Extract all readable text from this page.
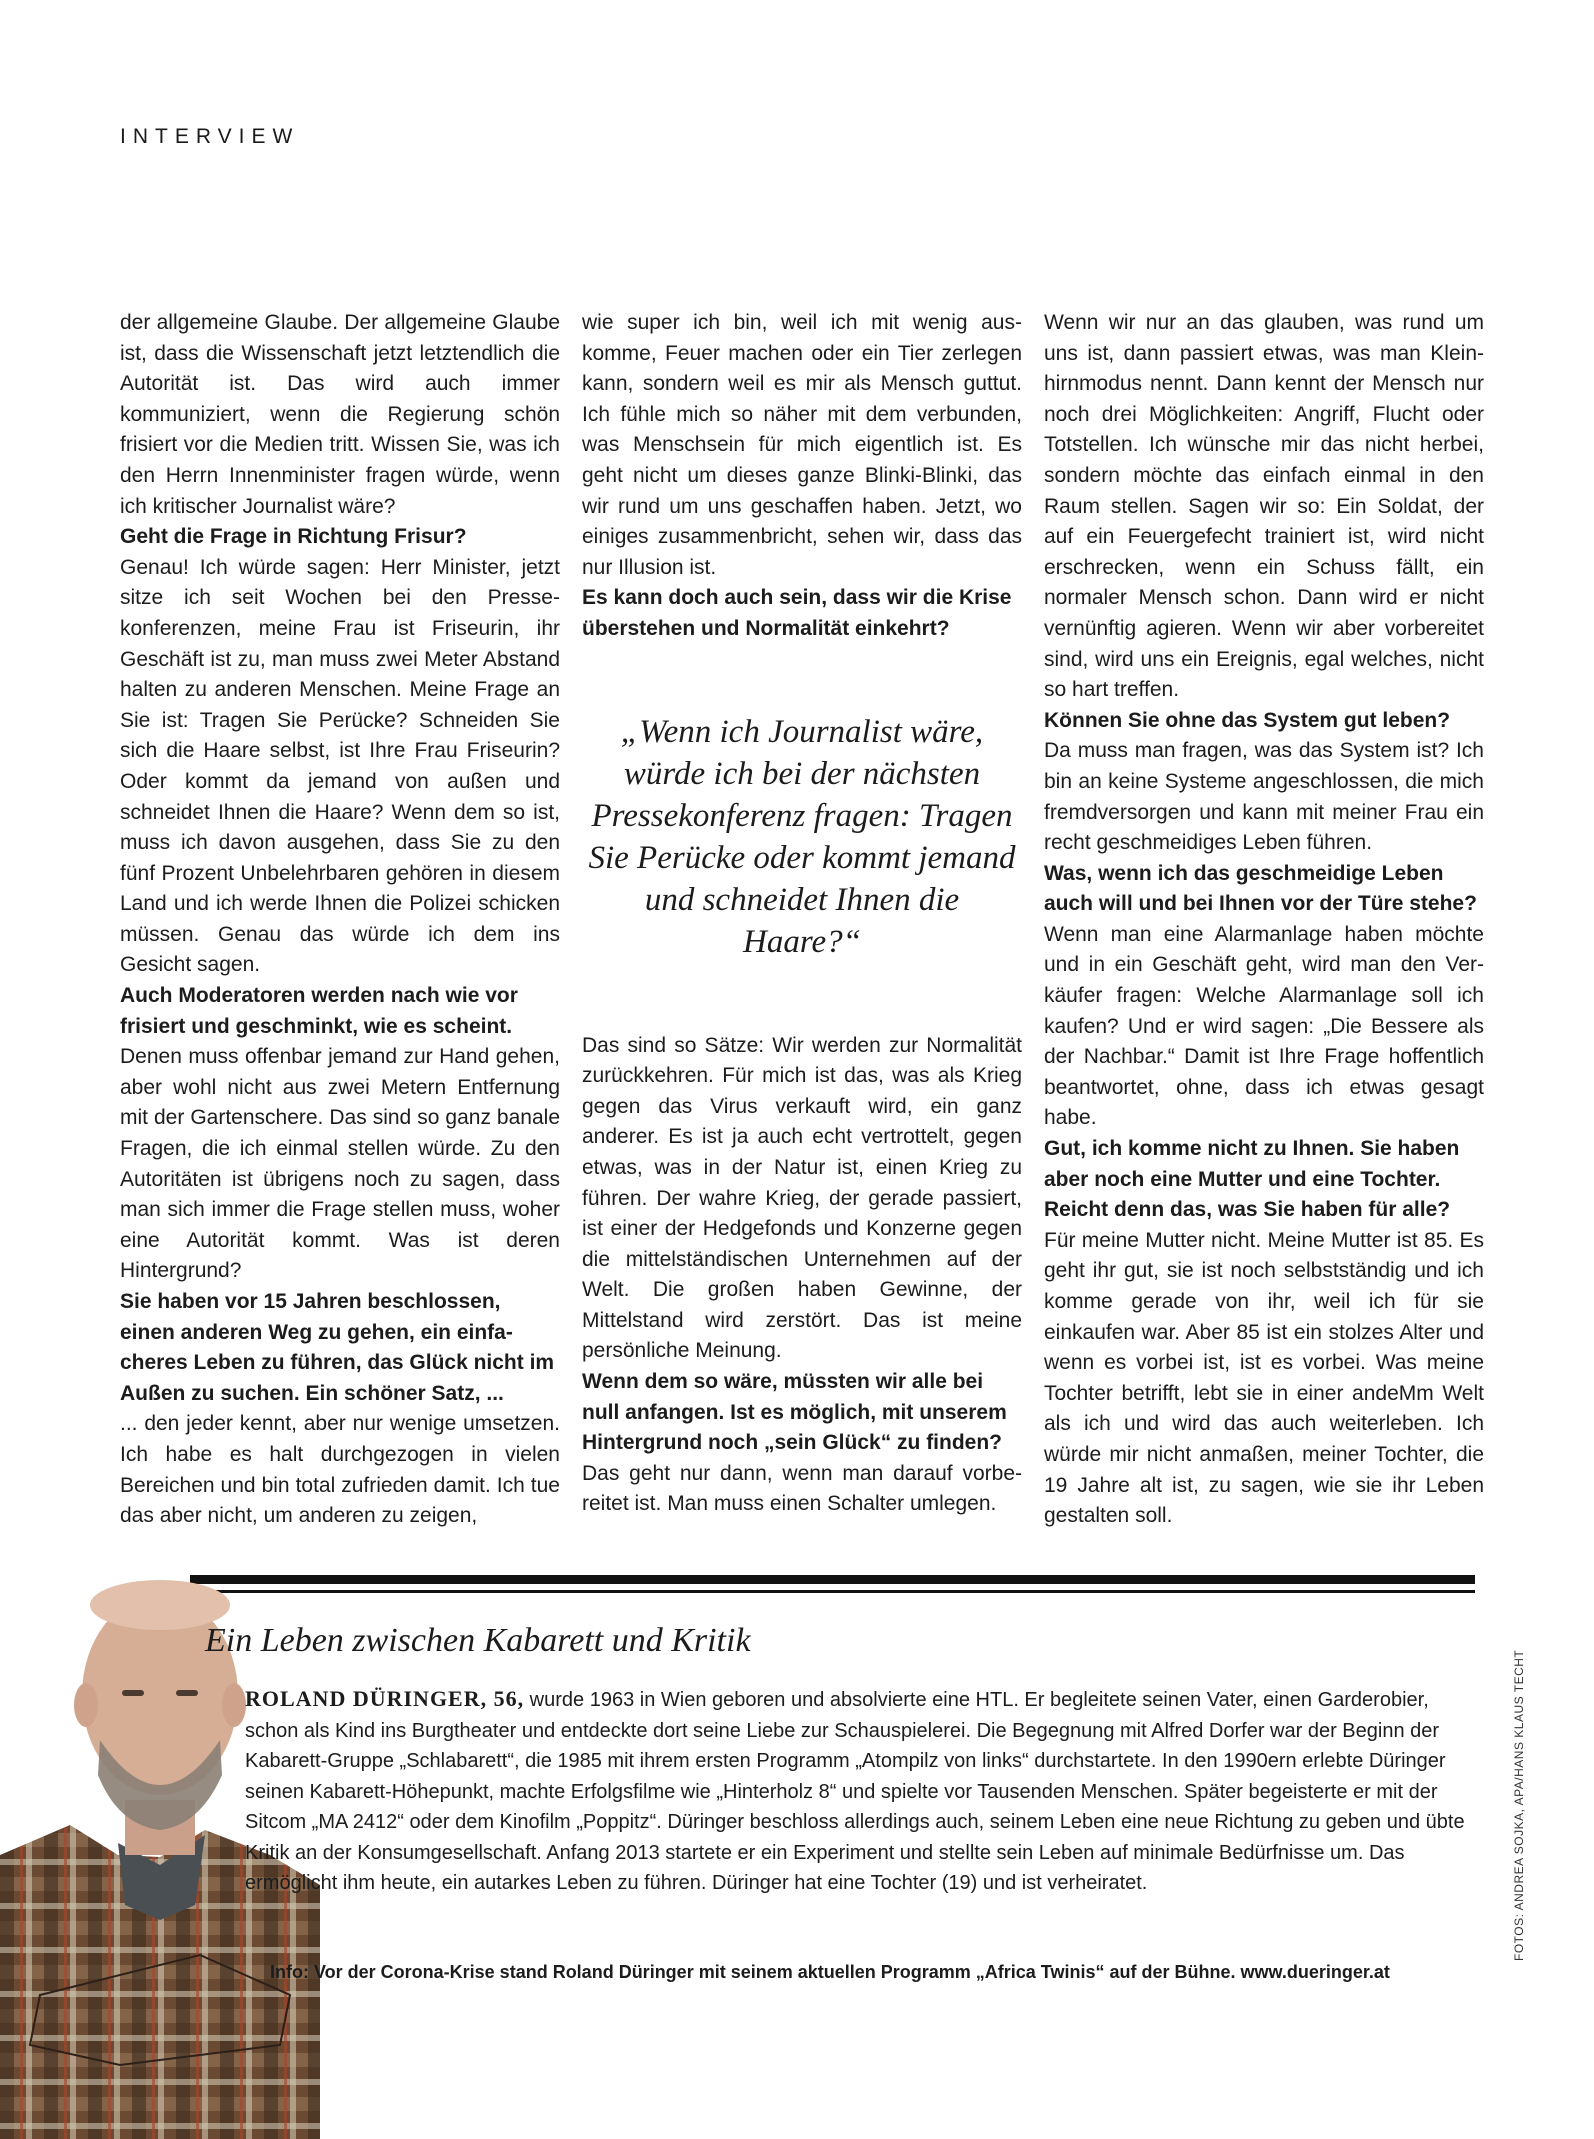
INTERVIEW

der allgemeine Glaube. Der allgemeine Glaube ist, dass die Wissenschaft jetzt letztendlich die Autorität ist. Das wird auch immer kommuniziert, wenn die Regierung schön frisiert vor die Medien tritt. Wissen Sie, was ich den Herrn Innenminister fragen würde, wenn ich kritischer Journalist wäre?

Geht die Frage in Richtung Frisur?

Genau! Ich würde sagen: Herr Minister, jetzt sitze ich seit Wochen bei den Pressekonferenzen, meine Frau ist Friseurin, ihr Geschäft ist zu, man muss zwei Meter Abstand halten zu anderen Menschen. Meine Frage an Sie ist: Tragen Sie Perücke? Schneiden Sie sich die Haare selbst, ist Ihre Frau Friseurin? Oder kommt da jemand von außen und schneidet Ihnen die Haare? Wenn dem so ist, muss ich davon ausgehen, dass Sie zu den fünf Prozent Unbelehrbaren gehören in diesem Land und ich werde Ihnen die Polizei schicken müssen. Genau das würde ich dem ins Gesicht sagen.

Auch Moderatoren werden nach wie vor frisiert und geschminkt, wie es scheint.

Denen muss offenbar jemand zur Hand gehen, aber wohl nicht aus zwei Metern Entfernung mit der Gartenschere. Das sind so ganz banale Fragen, die ich einmal stellen würde. Zu den Autoritäten ist übrigens noch zu sagen, dass man sich immer die Frage stellen muss, woher eine Autorität kommt. Was ist deren Hintergrund?

Sie haben vor 15 Jahren beschlossen, einen anderen Weg zu gehen, ein einfacheres Leben zu führen, das Glück nicht im Außen zu suchen. Ein schöner Satz, ...

... den jeder kennt, aber nur wenige umsetzen. Ich habe es halt durchgezogen in vielen Bereichen und bin total zufrieden damit. Ich tue das aber nicht, um anderen zu zeigen,

wie super ich bin, weil ich mit wenig auskomme, Feuer machen oder ein Tier zerlegen kann, sondern weil es mir als Mensch guttut. Ich fühle mich so näher mit dem verbunden, was Menschsein für mich eigentlich ist. Es geht nicht um dieses ganze Blinki-Blinki, das wir rund um uns geschaffen haben. Jetzt, wo einiges zusammenbricht, sehen wir, dass das nur Illusion ist.

Es kann doch auch sein, dass wir die Krise überstehen und Normalität einkehrt?

„Wenn ich Journalist wäre, würde ich bei der nächsten Pressekonferenz fragen: Tragen Sie Perücke oder kommt jemand und schneidet Ihnen die Haare?“

Das sind so Sätze: Wir werden zur Normalität zurückkehren. Für mich ist das, was als Krieg gegen das Virus verkauft wird, ein ganz anderer. Es ist ja auch echt vertrottelt, gegen etwas, was in der Natur ist, einen Krieg zu führen. Der wahre Krieg, der gerade passiert, ist einer der Hedgefonds und Konzerne gegen die mittelständischen Unternehmen auf der Welt. Die großen haben Gewinne, der Mittelstand wird zerstört. Das ist meine persönliche Meinung.

Wenn dem so wäre, müssten wir alle bei null anfangen. Ist es möglich, mit unserem Hintergrund noch „sein Glück“ zu finden?

Das geht nur dann, wenn man darauf vorbereitet ist. Man muss einen Schalter umlegen.

Wenn wir nur an das glauben, was rund um uns ist, dann passiert etwas, was man Kleinhirnmodus nennt. Dann kennt der Mensch nur noch drei Möglichkeiten: Angriff, Flucht oder Totstellen. Ich wünsche mir das nicht herbei, sondern möchte das einfach einmal in den Raum stellen. Sagen wir so: Ein Soldat, der auf ein Feuergefecht trainiert ist, wird nicht erschrecken, wenn ein Schuss fällt, ein normaler Mensch schon. Dann wird er nicht vernünftig agieren. Wenn wir aber vorbereitet sind, wird uns ein Ereignis, egal welches, nicht so hart treffen.

Können Sie ohne das System gut leben?

Da muss man fragen, was das System ist? Ich bin an keine Systeme angeschlossen, die mich fremdversorgen und kann mit meiner Frau ein recht geschmeidiges Leben führen.

Was, wenn ich das geschmeidige Leben auch will und bei Ihnen vor der Türe stehe?

Wenn man eine Alarmanlage haben möchte und in ein Geschäft geht, wird man den Verkäufer fragen: Welche Alarmanlage soll ich kaufen? Und er wird sagen: „Die Bessere als der Nachbar.“ Damit ist Ihre Frage hoffentlich beantwortet, ohne, dass ich etwas gesagt habe.

Gut, ich komme nicht zu Ihnen. Sie haben aber noch eine Mutter und eine Tochter. Reicht denn das, was Sie haben für alle?

Für meine Mutter nicht. Meine Mutter ist 85. Es geht ihr gut, sie ist noch selbstständig und ich komme gerade von ihr, weil ich für sie einkaufen war. Aber 85 ist ein stolzes Alter und wenn es vorbei ist, ist es vorbei. Was meine Tochter betrifft, lebt sie in einer andeMm Welt als ich und wird das auch weiterleben. Ich würde mir nicht anmaßen, meiner Tochter, die 19 Jahre alt ist, zu sagen, wie sie ihr Leben gestalten soll.

Ein Leben zwischen Kabarett und Kritik
ROLAND DÜRINGER, 56, wurde 1963 in Wien geboren und absolvierte eine HTL. Er begleitete seinen Vater, einen Garderobier, schon als Kind ins Burgtheater und entdeckte dort seine Liebe zur Schauspielerei. Die Begegnung mit Alfred Dorfer war der Beginn der Kabarett-Gruppe „Schlabarett“, die 1985 mit ihrem ersten Programm „Atompilz von links“ durchstartete. In den 1990ern erlebte Düringer seinen Kabarett-Höhepunkt, machte Erfolgsfilme wie „Hinterholz 8“ und spielte vor Tausenden Menschen. Später begeisterte er mit der Sitcom „MA 2412“ oder dem Kinofilm „Poppitz“. Düringer beschloss allerdings auch, seinem Leben eine neue Richtung zu geben und übte Kritik an der Konsumgesellschaft. Anfang 2013 startete er ein Experiment und stellte sein Leben auf minimale Bedürfnisse um. Das ermöglicht ihm heute, ein autarkes Leben zu führen. Düringer hat eine Tochter (19) und ist verheiratet.
Info: Vor der Corona-Krise stand Roland Düringer mit seinem aktuellen Programm „Africa Twinis“ auf der Bühne. www.dueringer.at
FOTOS: ANDREA SOJKA, APA/HANS KLAUS TECHT
